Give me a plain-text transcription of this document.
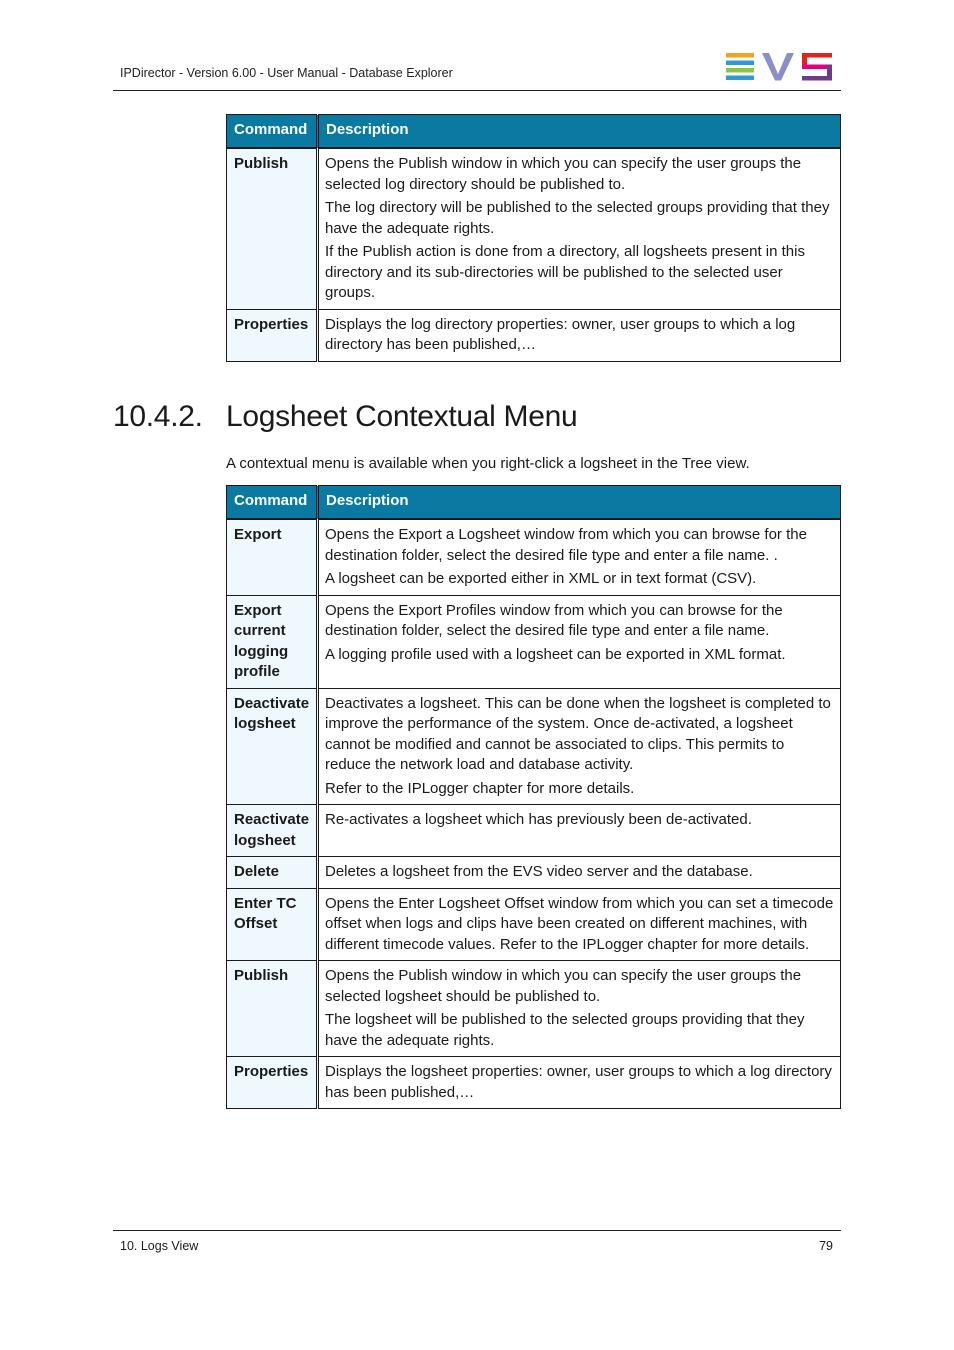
IPDirector - Version 6.00 - User Manual - Database Explorer
Command	Description
Publish	Opens the Publish window in which you can specify the user groups the selected log directory should be published to.

The log directory will be published to the selected groups providing that they have the adequate rights.

If the Publish action is done from a directory, all logsheets present in this directory and its sub-directories will be published to the selected user groups.

Properties	Displays the log directory properties: owner, user groups to which a log directory has been published,…

10.4.2. Logsheet Contextual Menu

A contextual menu is available when you right-click a logsheet in the Tree view.

Command	Description
Export	Opens the Export a Logsheet window from which you can browse for the destination folder, select the desired file type and enter a file name. .

A logsheet can be exported either in XML or in text format (CSV).

Export current logging profile	Opens the Export Profiles window from which you can browse for the destination folder, select the desired file type and enter a file name.

A logging profile used with a logsheet can be exported in XML format.

Deactivate logsheet	Deactivates a logsheet. This can be done when the logsheet is completed to improve the performance of the system. Once de-activated, a logsheet cannot be modified and cannot be associated to clips. This permits to reduce the network load and database activity.

Refer to the IPLogger chapter for more details.

Reactivate logsheet	Re-activates a logsheet which has previously been de-activated.

Delete	Deletes a logsheet from the EVS video server and the database.

Enter TC Offset	Opens the Enter Logsheet Offset window from which you can set a timecode offset when logs and clips have been created on different machines, with different timecode values. Refer to the IPLogger chapter for more details.

Publish	Opens the Publish window in which you can specify the user groups the selected logsheet should be published to.

The logsheet will be published to the selected groups providing that they have the adequate rights.

Properties	Displays the logsheet properties: owner, user groups to which a log directory has been published,…

10. Logs View	79
